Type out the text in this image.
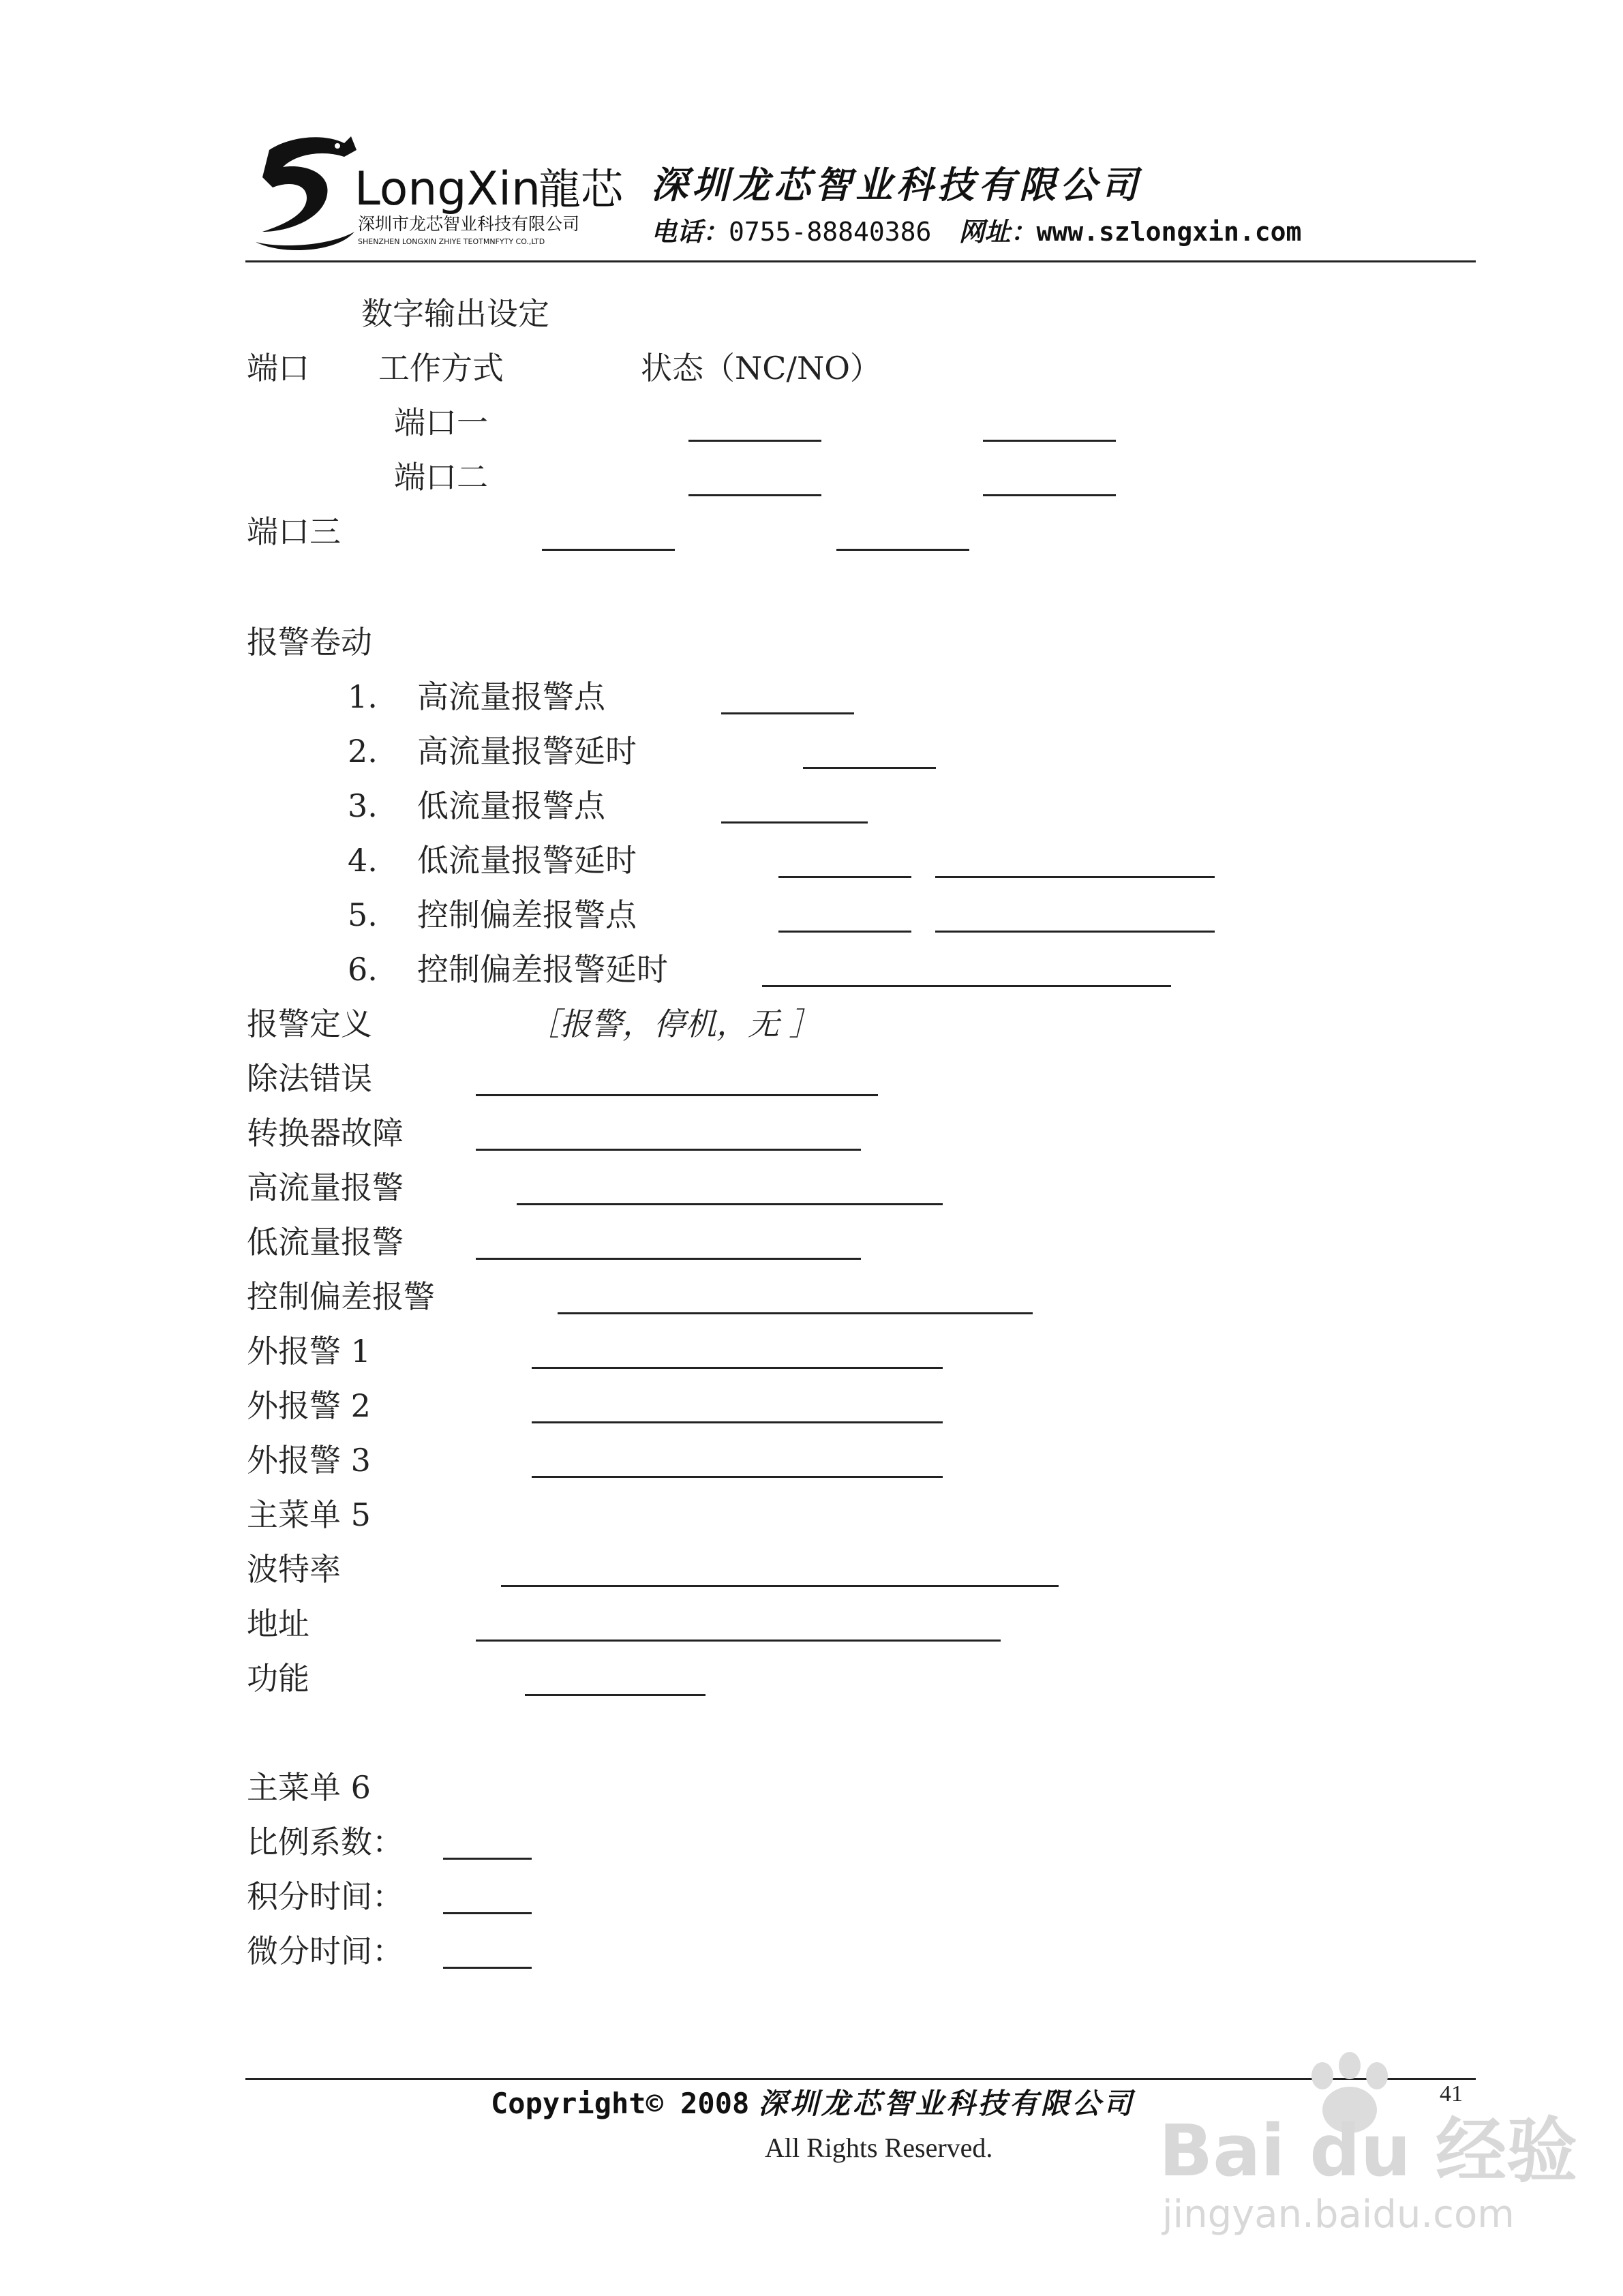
LongXin
龍芯
深圳市龙芯智业科技有限公司
SHENZHEN LONGXIN ZHIYE TEOTMNFYTY CO.,LTD
深圳龙芯智业科技有限公司
电话：0755-88840386 网址：www.szlongxin.com
数字输出设定
端口 工作方式	状态（NC/NO）
端口一
端口二
端口三
报警卷动
1. 高流量报警点
2. 高流量报警延时
3. 低流量报警点
4. 低流量报警延时
5. 控制偏差报警点
6. 控制偏差报警延时
报警定义	［报警，停机，无 ］
除法错误
转换器故障
高流量报警
低流量报警
控制偏差报警
外报警 1
外报警 2
外报警 3
主菜单 5
波特率
地址
功能
主菜单 6
比例系数：
积分时间：
微分时间：
Copyright© 2008 深圳龙芯智业科技有限公司
All Rights Reserved.
41
Bai du 经验
jingyan.baidu.com
